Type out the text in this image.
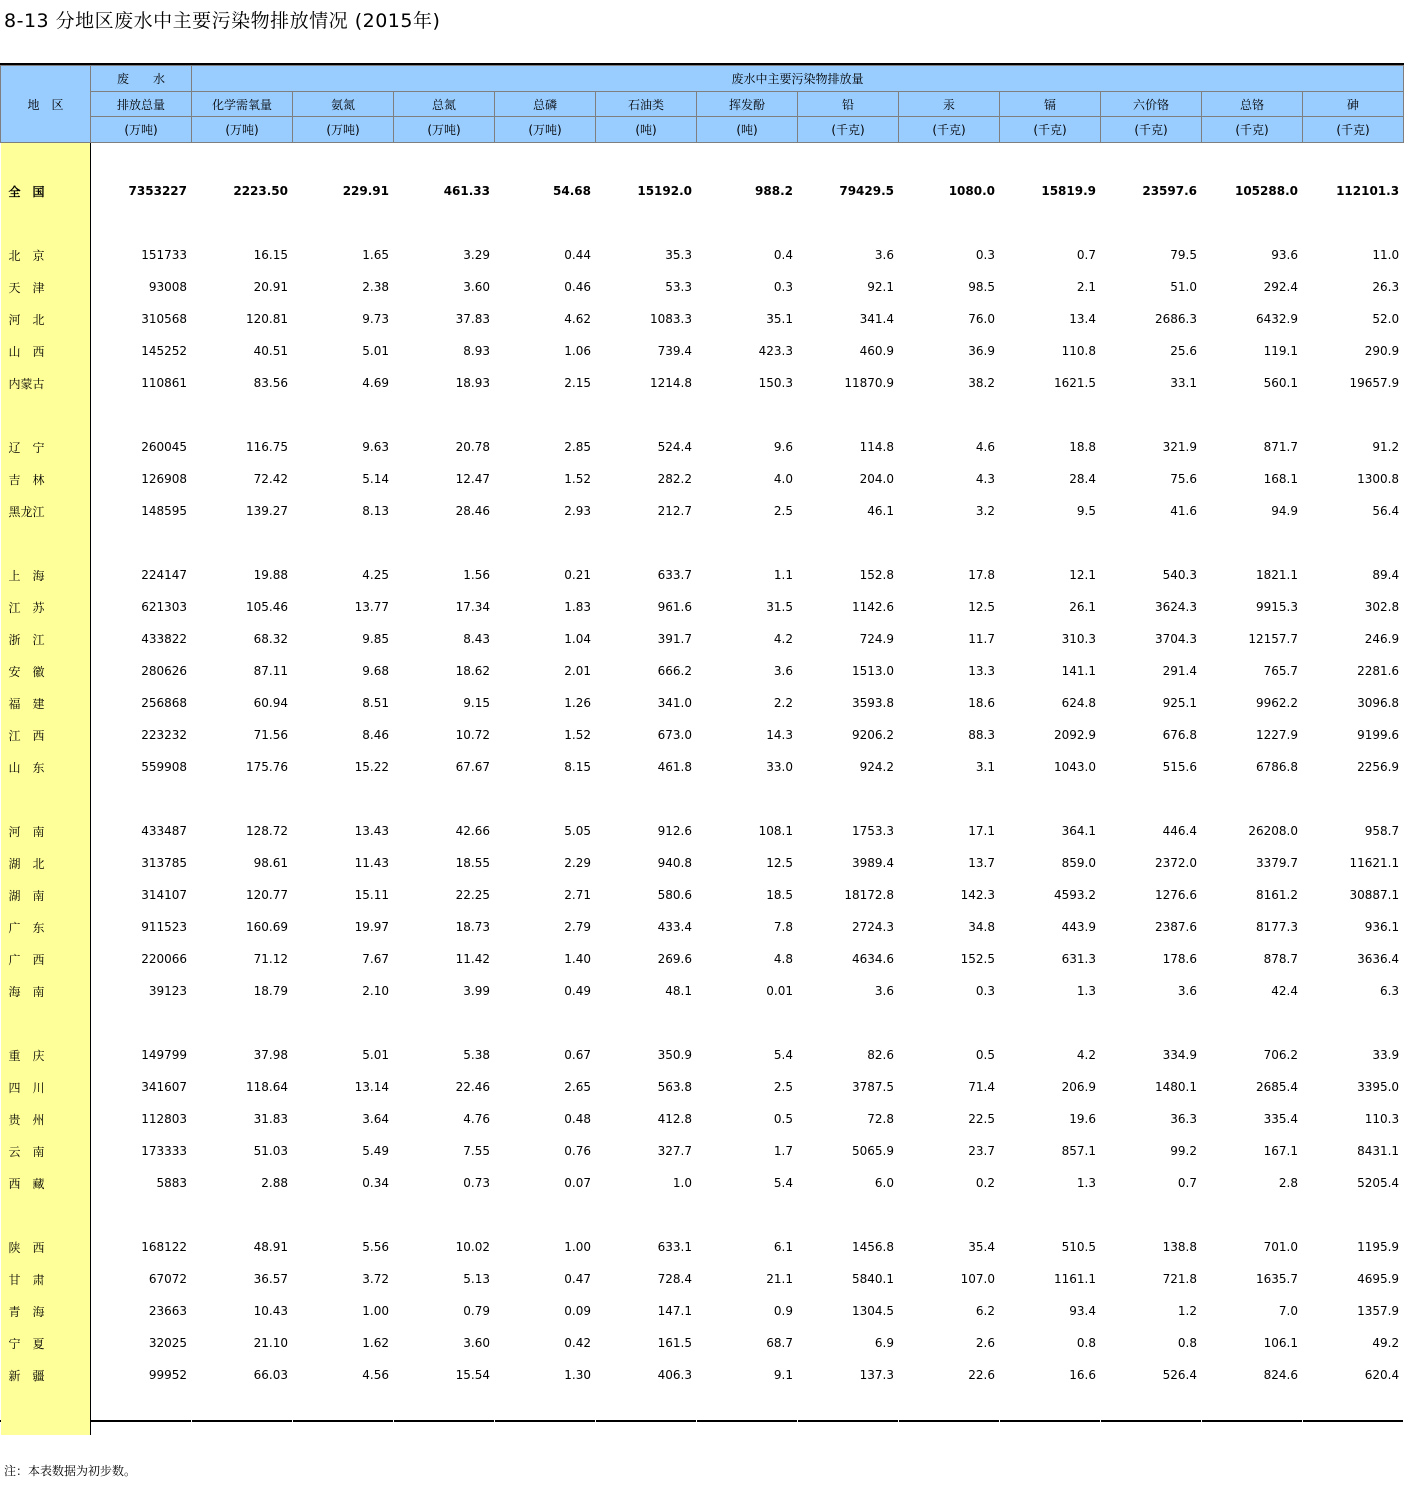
8-13 分地区废水中主要污染物排放情况 (2015年)
地　区	废　　水	废水中主要污染物排放量											
	排放总量	化学需氧量	氨氮	总氮	总磷	石油类	挥发酚	铅	汞	镉	六价铬	总铬	砷
	(万吨)	(万吨)	(万吨)	(万吨)	(万吨)	(吨)	(吨)	(千克)	(千克)	(千克)	(千克)	(千克)	(千克)
全　国	7353227	2223.50	229.91	461.33	54.68	15192.0	988.2	79429.5	1080.0	15819.9	23597.6	105288.0	112101.3
北　京	151733	16.15	1.65	3.29	0.44	35.3	0.4	3.6	0.3	0.7	79.5	93.6	11.0
天　津	93008	20.91	2.38	3.60	0.46	53.3	0.3	92.1	98.5	2.1	51.0	292.4	26.3
河　北	310568	120.81	9.73	37.83	4.62	1083.3	35.1	341.4	76.0	13.4	2686.3	6432.9	52.0
山　西	145252	40.51	5.01	8.93	1.06	739.4	423.3	460.9	36.9	110.8	25.6	119.1	290.9
内蒙古	110861	83.56	4.69	18.93	2.15	1214.8	150.3	11870.9	38.2	1621.5	33.1	560.1	19657.9

辽　宁	260045	116.75	9.63	20.78	2.85	524.4	9.6	114.8	4.6	18.8	321.9	871.7	91.2
吉　林	126908	72.42	5.14	12.47	1.52	282.2	4.0	204.0	4.3	28.4	75.6	168.1	1300.8
黑龙江	148595	139.27	8.13	28.46	2.93	212.7	2.5	46.1	3.2	9.5	41.6	94.9	56.4

上　海	224147	19.88	4.25	1.56	0.21	633.7	1.1	152.8	17.8	12.1	540.3	1821.1	89.4
江　苏	621303	105.46	13.77	17.34	1.83	961.6	31.5	1142.6	12.5	26.1	3624.3	9915.3	302.8
浙　江	433822	68.32	9.85	8.43	1.04	391.7	4.2	724.9	11.7	310.3	3704.3	12157.7	246.9
安　徽	280626	87.11	9.68	18.62	2.01	666.2	3.6	1513.0	13.3	141.1	291.4	765.7	2281.6
福　建	256868	60.94	8.51	9.15	1.26	341.0	2.2	3593.8	18.6	624.8	925.1	9962.2	3096.8
江　西	223232	71.56	8.46	10.72	1.52	673.0	14.3	9206.2	88.3	2092.9	676.8	1227.9	9199.6
山　东	559908	175.76	15.22	67.67	8.15	461.8	33.0	924.2	3.1	1043.0	515.6	6786.8	2256.9

河　南	433487	128.72	13.43	42.66	5.05	912.6	108.1	1753.3	17.1	364.1	446.4	26208.0	958.7
湖　北	313785	98.61	11.43	18.55	2.29	940.8	12.5	3989.4	13.7	859.0	2372.0	3379.7	11621.1
湖　南	314107	120.77	15.11	22.25	2.71	580.6	18.5	18172.8	142.3	4593.2	1276.6	8161.2	30887.1
广　东	911523	160.69	19.97	18.73	2.79	433.4	7.8	2724.3	34.8	443.9	2387.6	8177.3	936.1
广　西	220066	71.12	7.67	11.42	1.40	269.6	4.8	4634.6	152.5	631.3	178.6	878.7	3636.4
海　南	39123	18.79	2.10	3.99	0.49	48.1	0.01	3.6	0.3	1.3	3.6	42.4	6.3

重　庆	149799	37.98	5.01	5.38	0.67	350.9	5.4	82.6	0.5	4.2	334.9	706.2	33.9
四　川	341607	118.64	13.14	22.46	2.65	563.8	2.5	3787.5	71.4	206.9	1480.1	2685.4	3395.0
贵　州	112803	31.83	3.64	4.76	0.48	412.8	0.5	72.8	22.5	19.6	36.3	335.4	110.3
云　南	173333	51.03	5.49	7.55	0.76	327.7	1.7	5065.9	23.7	857.1	99.2	167.1	8431.1
西　藏	5883	2.88	0.34	0.73	0.07	1.0	5.4	6.0	0.2	1.3	0.7	2.8	5205.4

陕　西	168122	48.91	5.56	10.02	1.00	633.1	6.1	1456.8	35.4	510.5	138.8	701.0	1195.9
甘　肃	67072	36.57	3.72	5.13	0.47	728.4	21.1	5840.1	107.0	1161.1	721.8	1635.7	4695.9
青　海	23663	10.43	1.00	0.79	0.09	147.1	0.9	1304.5	6.2	93.4	1.2	7.0	1357.9
宁　夏	32025	21.10	1.62	3.60	0.42	161.5	68.7	6.9	2.6	0.8	0.8	106.1	49.2
新　疆	99952	66.03	4.56	15.54	1.30	406.3	9.1	137.3	22.6	16.6	526.4	824.6	620.4

注：本表数据为初步数。
